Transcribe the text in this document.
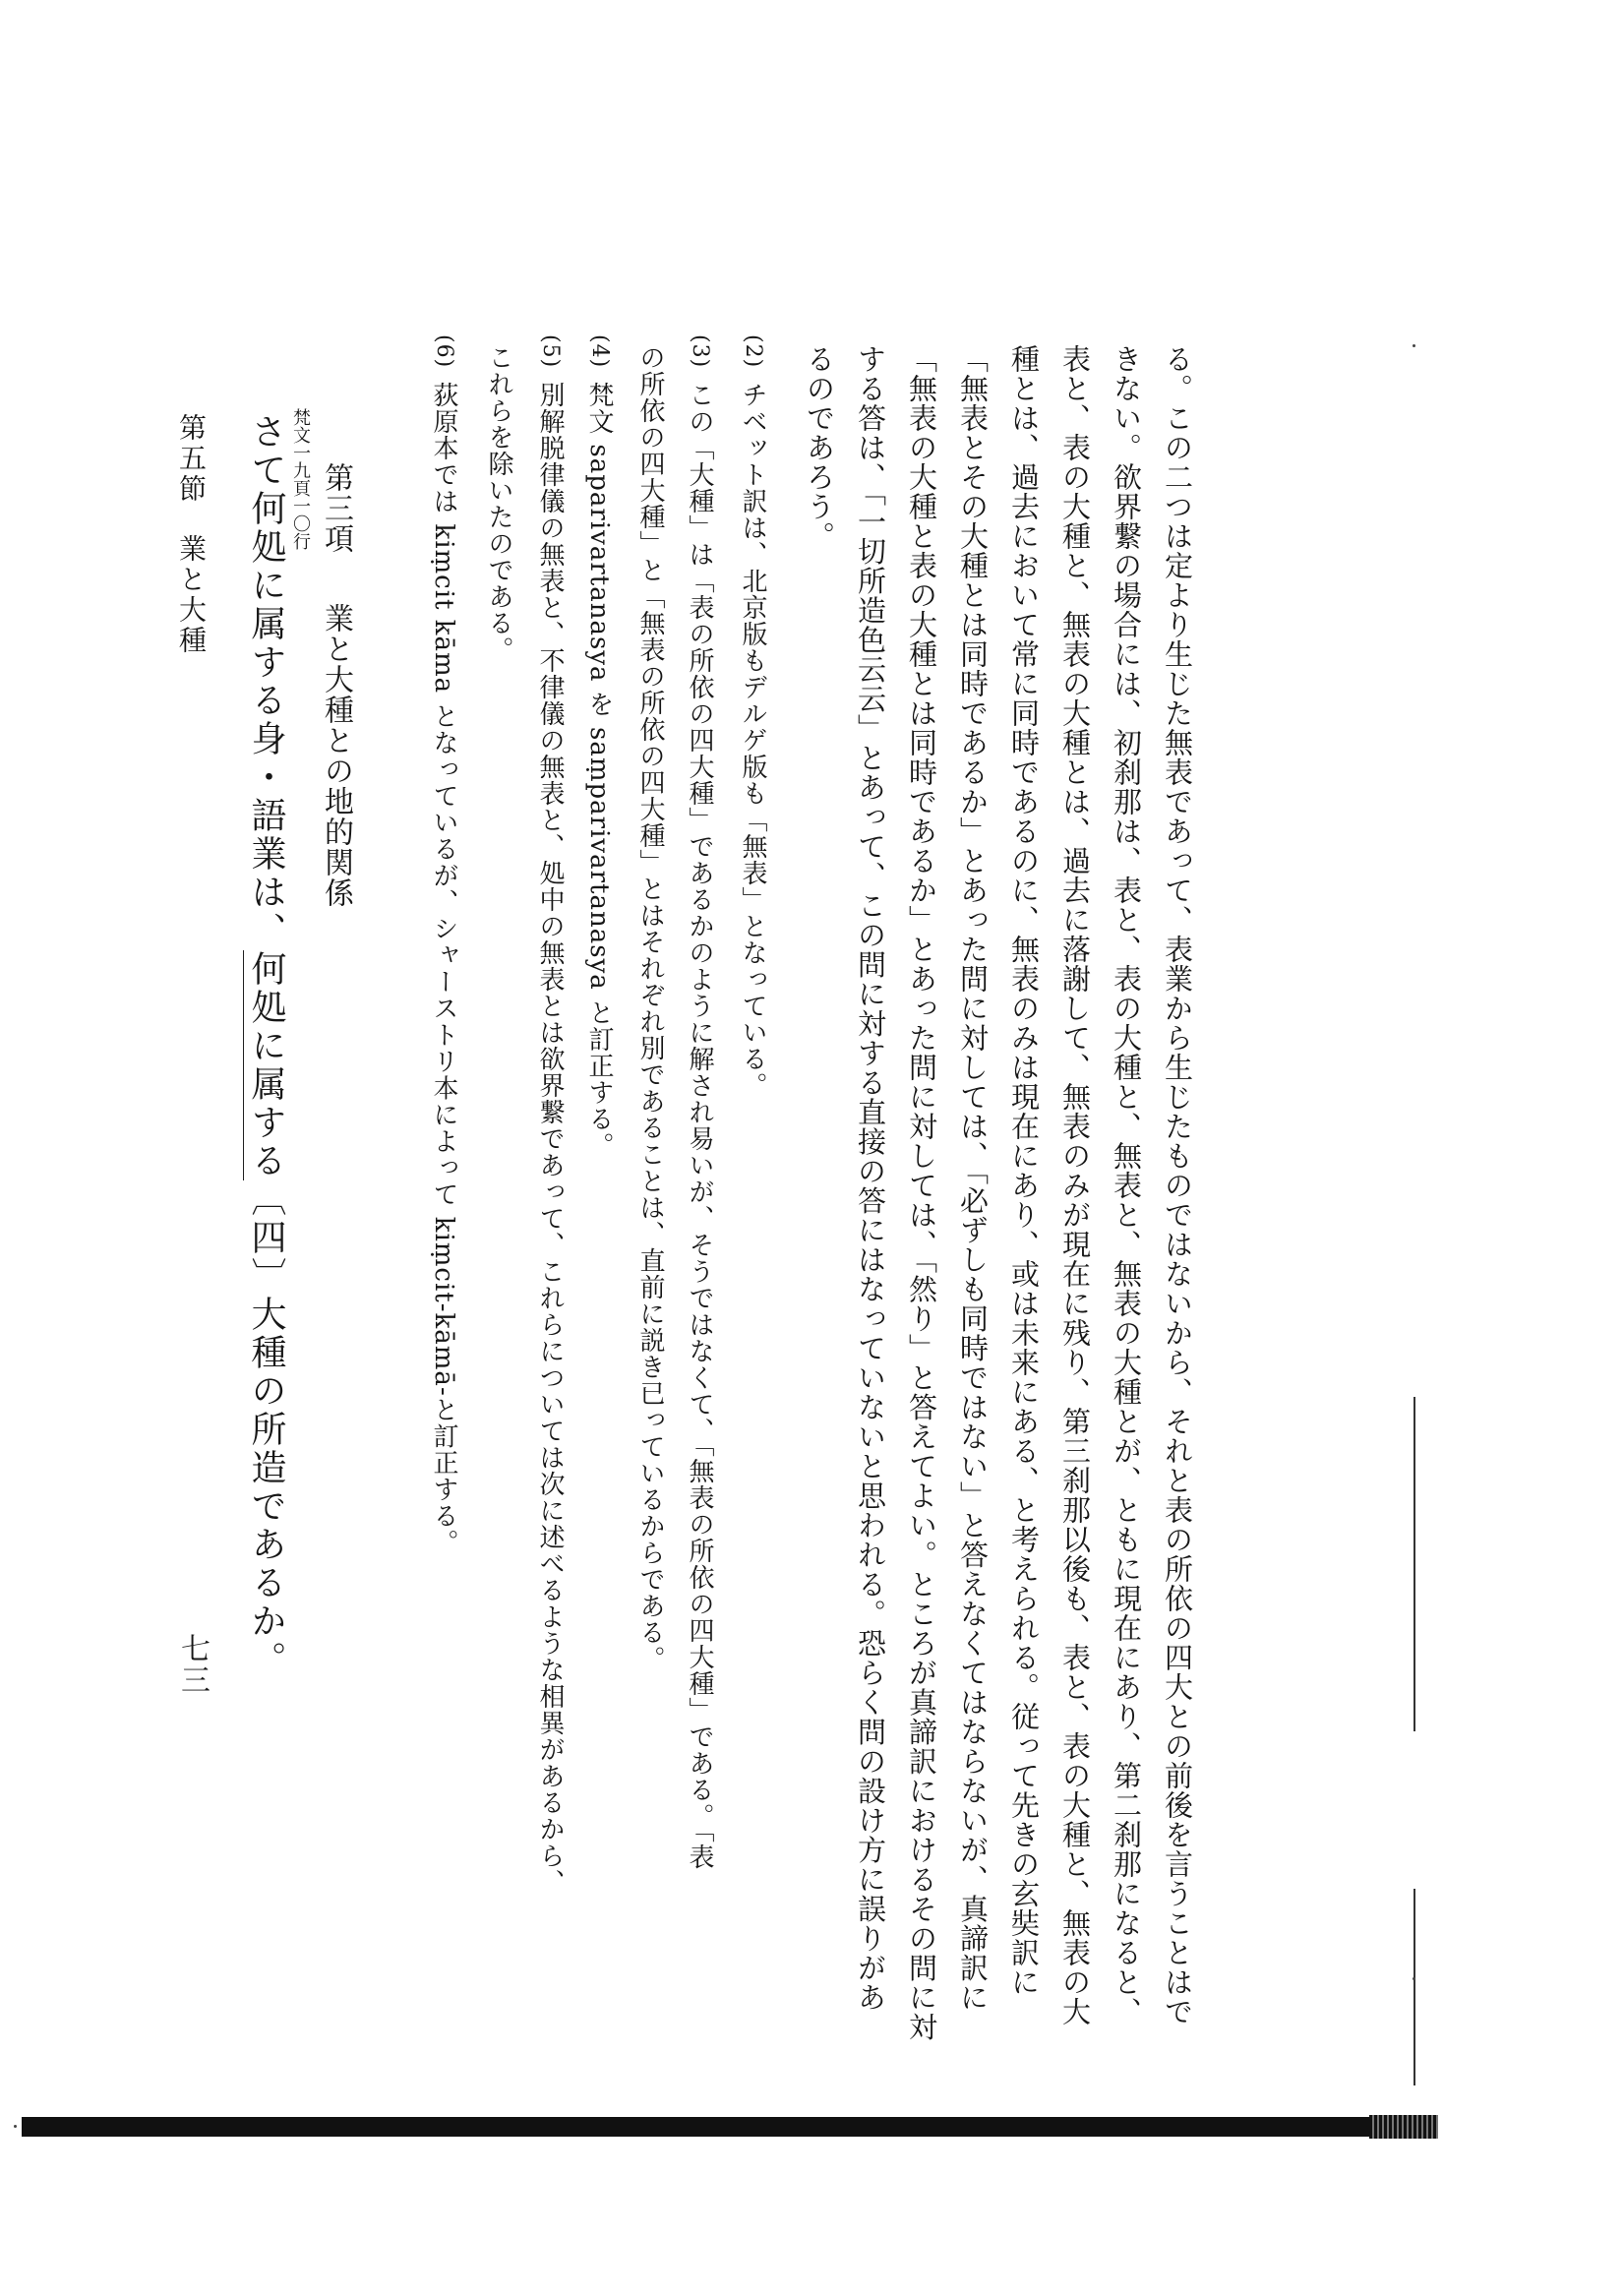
る。この二つは定より生じた無表であって、表業から生じたものではないから、それと表の所依の四大との前後を言うことはで
きない。欲界繋の場合には、初刹那は、表と、表の大種と、無表と、無表の大種とが、ともに現在にあり、第二刹那になると、
表と、表の大種と、無表の大種とは、過去に落謝して、無表のみが現在に残り、第三刹那以後も、表と、表の大種と、無表の大
種とは、過去において常に同時であるのに、無表のみは現在にあり、或は未来にある、と考えられる。従って先きの玄奘訳に
「無表とその大種とは同時であるか」とあった問に対しては、「必ずしも同時ではない」と答えなくてはならないが、真諦訳に
「無表の大種と表の大種とは同時であるか」とあった問に対しては、「然り」と答えてよい。ところが真諦訳におけるその問に対
する答は、「一切所造色云云」とあって、この問に対する直接の答にはなっていないと思われる。恐らく問の設け方に誤りがあ
るのであろう。
(2)チベット訳は、北京版もデルゲ版も「無表」となっている。
(3)この「大種」は「表の所依の四大種」であるかのように解され易いが、そうではなくて、「無表の所依の四大種」である。「表
の所依の四大種」と「無表の所依の四大種」とはそれぞれ別であることは、直前に説き已っているからである。
(4)梵文 saparivartanasya を saṃparivartanasya と訂正する。
(5)別解脱律儀の無表と、不律儀の無表と、処中の無表とは欲界繋であって、これらについては次に述べるような相異があるから、
これらを除いたのである。
(6)荻原本では kiṃcit kāma となっているが、シャーストリ本によって kiṃcit-kāmā-と訂正する。
第三項業と大種との地的関係
梵文一九頁一〇行
さて何処に属する身・語業は、何処に属する〔四〕大種の所造であるか。
第五節業と大種
七三
